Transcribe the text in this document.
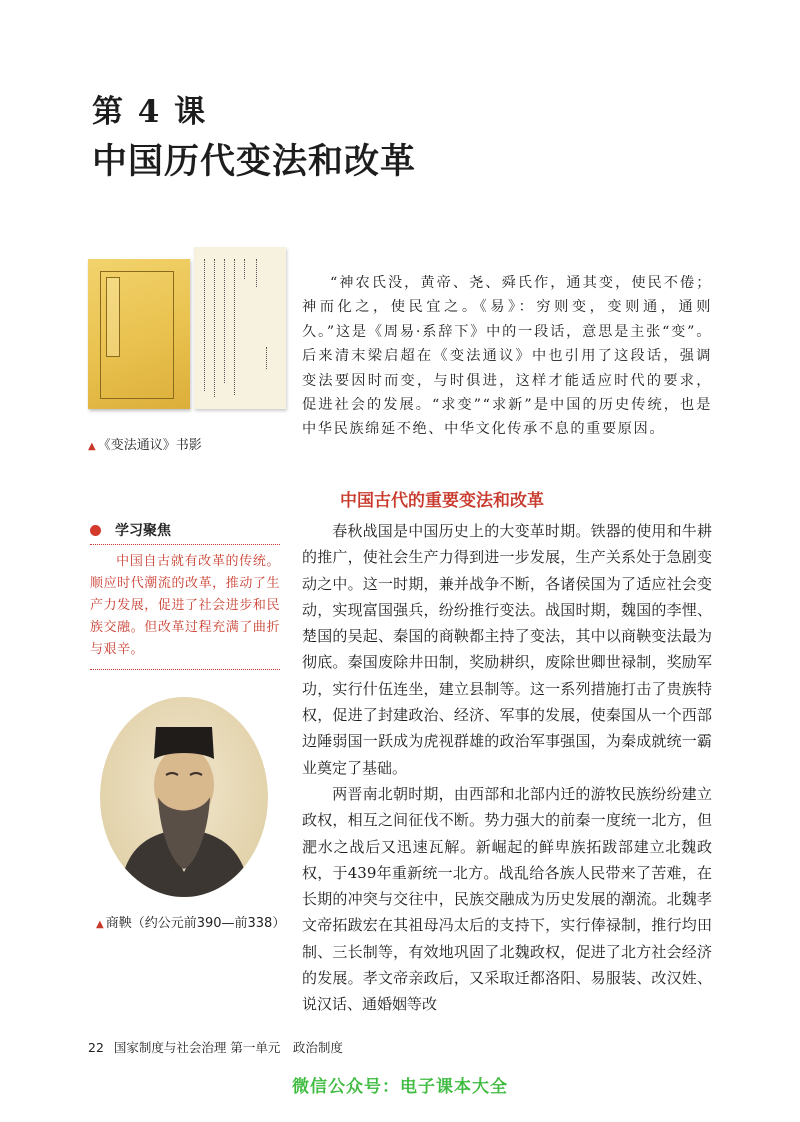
第 4 课
中国历代变法和改革
▲ 《变法通议》书影

“神农氏没，黄帝、尧、舜氏作，通其变，使民不倦；神而化之，使民宜之。《易》：穷则变，变则通，通则久。”这是《周易·系辞下》中的一段话，意思是主张“变”。后来清末梁启超在《变法通议》中也引用了这段话，强调变法要因时而变，与时俱进，这样才能适应时代的要求，促进社会的发展。“求变”“求新”是中国的历史传统，也是中华民族绵延不绝、中华文化传承不息的重要原因。

中国古代的重要变法和改革
学习聚焦

中国自古就有改革的传统。顺应时代潮流的改革，推动了生产力发展，促进了社会进步和民族交融。但改革过程充满了曲折与艰辛。

▲ 商鞅（约公元前390—前338）

春秋战国是中国历史上的大变革时期。铁器的使用和牛耕的推广，使社会生产力得到进一步发展，生产关系处于急剧变动之中。这一时期，兼并战争不断，各诸侯国为了适应社会变动，实现富国强兵，纷纷推行变法。战国时期，魏国的李悝、楚国的吴起、秦国的商鞅都主持了变法，其中以商鞅变法最为彻底。秦国废除井田制，奖励耕织，废除世卿世禄制，奖励军功，实行什伍连坐，建立县制等。这一系列措施打击了贵族特权，促进了封建政治、经济、军事的发展，使秦国从一个西部边陲弱国一跃成为虎视群雄的政治军事强国，为秦成就统一霸业奠定了基础。

两晋南北朝时期，由西部和北部内迁的游牧民族纷纷建立政权，相互之间征伐不断。势力强大的前秦一度统一北方，但淝水之战后又迅速瓦解。新崛起的鲜卑族拓跋部建立北魏政权，于439年重新统一北方。战乱给各族人民带来了苦难，在长期的冲突与交往中，民族交融成为历史发展的潮流。北魏孝文帝拓跋宏在其祖母冯太后的支持下，实行俸禄制，推行均田制、三长制等，有效地巩固了北魏政权，促进了北方社会经济的发展。孝文帝亲政后，又采取迁都洛阳、易服装、改汉姓、说汉话、通婚姻等改

22 国家制度与社会治理 第一单元　政治制度
微信公众号：电子课本大全
